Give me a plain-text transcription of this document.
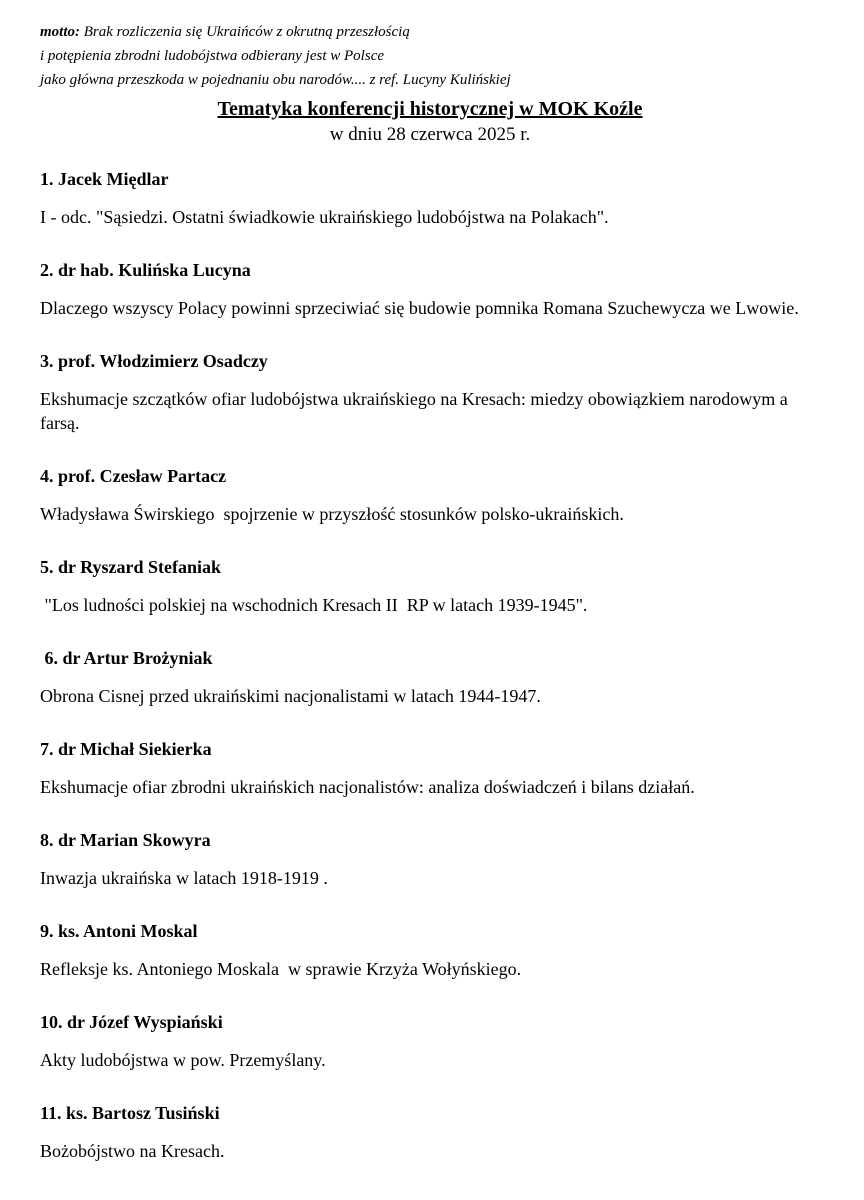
motto: Brak rozliczenia się Ukraińców z okrutną przeszłością

i potępienia zbrodni ludobójstwa odbierany jest w Polsce

jako główna przeszkoda w pojednaniu obu narodów.... z ref. Lucyny Kulińskiej

Tematyka konferencji historycznej w MOK Koźle
w dniu 28 czerwca 2025 r.
1. Jacek Międlar

I - odc. "Sąsiedzi. Ostatni świadkowie ukraińskiego ludobójstwa na Polakach".

2. dr hab. Kulińska Lucyna

Dlaczego wszyscy Polacy powinni sprzeciwiać się budowie pomnika Romana Szuchewycza we Lwowie.

3. prof. Włodzimierz Osadczy

Ekshumacje szczątków ofiar ludobójstwa ukraińskiego na Kresach: miedzy obowiązkiem narodowym a farsą.

4. prof. Czesław Partacz

Władysława Świrskiego  spojrzenie w przyszłość stosunków polsko-ukraińskich.

5. dr Ryszard Stefaniak

"Los ludności polskiej na wschodnich Kresach II  RP w latach 1939-1945".

6. dr Artur Brożyniak

Obrona Cisnej przed ukraińskimi nacjonalistami w latach 1944-1947.

7. dr Michał Siekierka

Ekshumacje ofiar zbrodni ukraińskich nacjonalistów: analiza doświadczeń i bilans działań.

8. dr Marian Skowyra

Inwazja ukraińska w latach 1918-1919 .

9. ks. Antoni Moskal

Refleksje ks. Antoniego Moskala  w sprawie Krzyża Wołyńskiego.

10. dr Józef Wyspiański

Akty ludobójstwa w pow. Przemyślany.

11. ks. Bartosz Tusiński

Bożobójstwo na Kresach.
